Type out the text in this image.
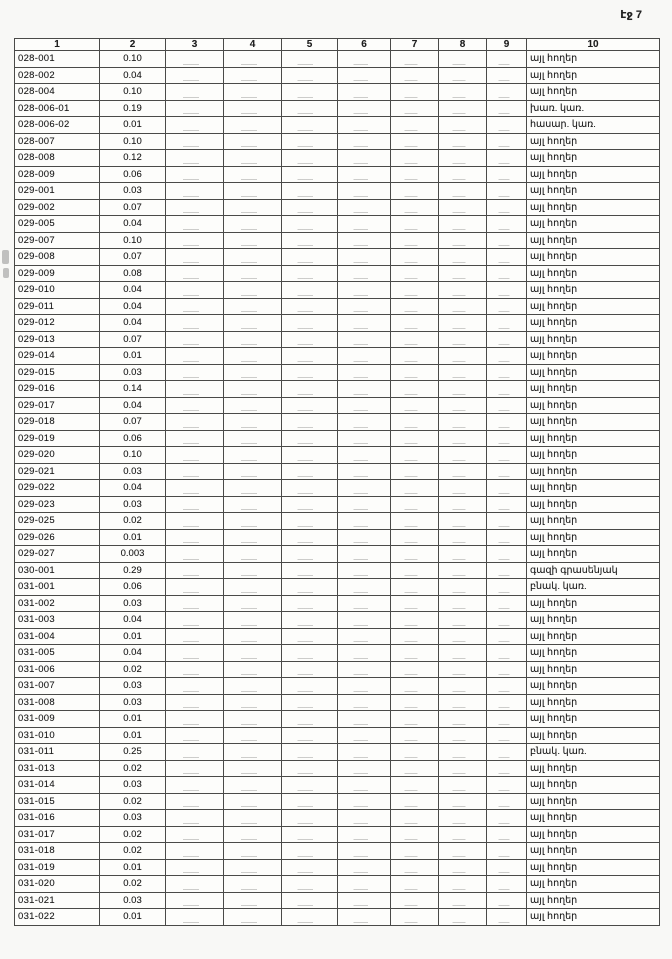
էջ 7
1	2	3	4	5	6	7	8	9	10
028-001	0.10								այլ հողեր
028-002	0.04								այլ հողեր
028-004	0.10								այլ հողեր
028-006-01	0.19								խառ. կառ.
028-006-02	0.01								հասար. կառ.
028-007	0.10								այլ հողեր
028-008	0.12								այլ հողեր
028-009	0.06								այլ հողեր
029-001	0.03								այլ հողեր
029-002	0.07								այլ հողեր
029-005	0.04								այլ հողեր
029-007	0.10								այլ հողեր
029-008	0.07								այլ հողեր
029-009	0.08								այլ հողեր
029-010	0.04								այլ հողեր
029-011	0.04								այլ հողեր
029-012	0.04								այլ հողեր
029-013	0.07								այլ հողեր
029-014	0.01								այլ հողեր
029-015	0.03								այլ հողեր
029-016	0.14								այլ հողեր
029-017	0.04								այլ հողեր
029-018	0.07								այլ հողեր
029-019	0.06								այլ հողեր
029-020	0.10								այլ հողեր
029-021	0.03								այլ հողեր
029-022	0.04								այլ հողեր
029-023	0.03								այլ հողեր
029-025	0.02								այլ հողեր
029-026	0.01								այլ հողեր
029-027	0.003								այլ հողեր
030-001	0.29								գազի գրասենյակ
031-001	0.06								բնակ. կառ.
031-002	0.03								այլ հողեր
031-003	0.04								այլ հողեր
031-004	0.01								այլ հողեր
031-005	0.04								այլ հողեր
031-006	0.02								այլ հողեր
031-007	0.03								այլ հողեր
031-008	0.03								այլ հողեր
031-009	0.01								այլ հողեր
031-010	0.01								այլ հողեր
031-011	0.25								բնակ. կառ.
031-013	0.02								այլ հողեր
031-014	0.03								այլ հողեր
031-015	0.02								այլ հողեր
031-016	0.03								այլ հողեր
031-017	0.02								այլ հողեր
031-018	0.02								այլ հողեր
031-019	0.01								այլ հողեր
031-020	0.02								այլ հողեր
031-021	0.03								այլ հողեր
031-022	0.01								այլ հողեր
